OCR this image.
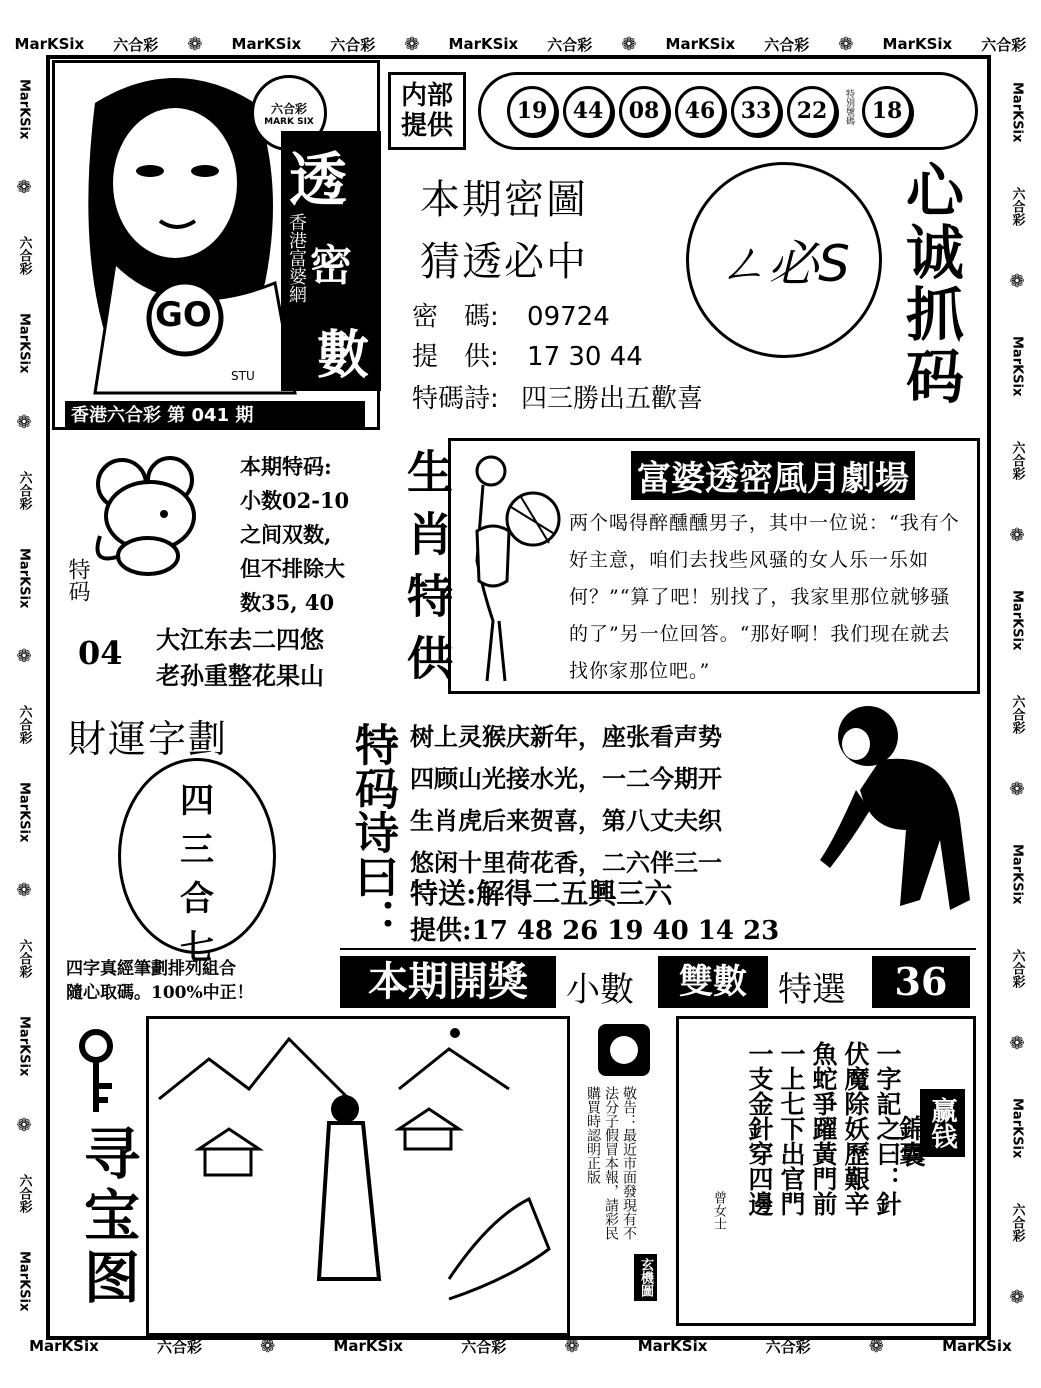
MarKSix 六合彩 ❁ MarKSix 六合彩 ❁ MarKSix 六合彩 ❁ MarKSix 六合彩 ❁ MarKSix 六合彩
MarKSix	六合彩	❁	MarKSix	六合彩	❁	MarKSix	六合彩	❁	MarKSix
MarKSix
❁
六合彩
MarKSix
❁
六合彩
MarKSix
❁
六合彩
MarKSix
❁
六合彩
MarKSix
❁
六合彩
MarKSix
MarKSix
六合彩
❁
MarKSix
六合彩
❁
MarKSix
六合彩
❁
MarKSix
六合彩
❁
MarKSix
六合彩
❁
GO
STU
六合彩
MARK SIX
透
密
數
香港富婆網
香港六合彩 第 041 期
内部
提供	19	44	08	46	33	22	特别號碼 18
本期密圖
猜透必中
密　碼: 09724
提　供: 17 30 44
特碼詩: 四三勝出五歡喜
ㄥ必S 心诚抓码
特码
04
本期特码:
小数02-10
之间双数,
但不排除大
数35, 40
大江东去二四悠
老孙重整花果山 生肖特供	富婆透密風月劇場
两个喝得醉醺醺男子，其中一位说：“我有个好主意，咱们去找些风骚的女人乐一乐如何？”“算了吧！别找了，我家里那位就够骚的了”另一位回答。“那好啊！我们现在就去找你家那位吧。”
財運字劃
四
三
合
七
四字真經筆劃排列組合
隨心取碼。100%中正！
特码诗曰： 树上灵猴庆新年，座张看声势
四顾山光接水光，一二今期开
生肖虎后来贺喜，第八丈夫织
悠闲十里荷花香，二六伴三一
特送:解得二五興三六
提供:17 48 26 19 40 14 23
本期開獎	小數	雙數 特選	36
寻宝图	敬告：最近市面發現有不法分子假冒本報，請彩民購買時認明正版
玄機圖
一字記之曰：針
伏魔除妖歷艱辛
魚蛇爭躍黃門前
一上七下出官門
一支金針穿四邊
曾女士
赢钱
錦囊
